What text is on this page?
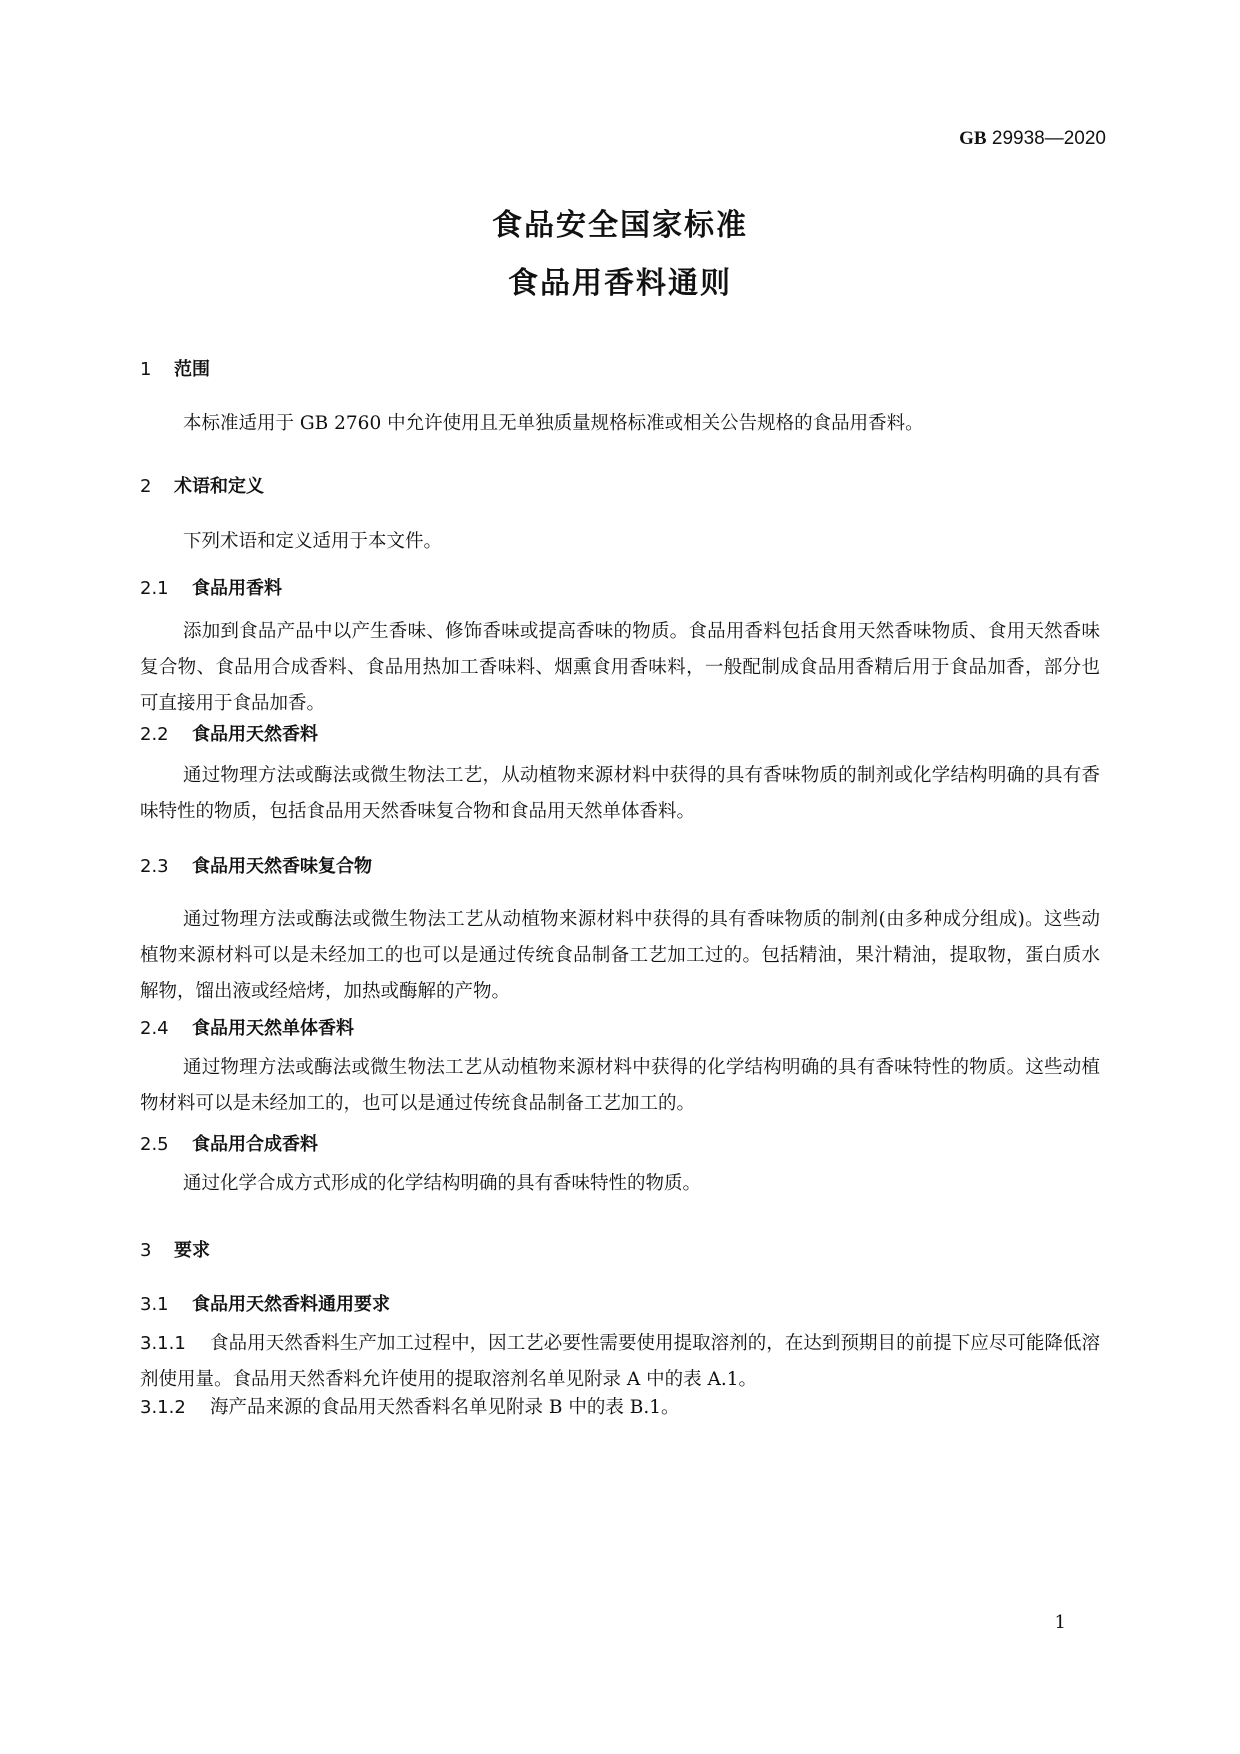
GB 29938—2020
食品安全国家标准
食品用香料通则
1 范围
本标准适用于 GB 2760 中允许使用且无单独质量规格标准或相关公告规格的食品用香料。
2 术语和定义
下列术语和定义适用于本文件。
2.1 食品用香料
添加到食品产品中以产生香味、修饰香味或提高香味的物质。食品用香料包括食用天然香味物质、食用天然香味复合物、食品用合成香料、食品用热加工香味料、烟熏食用香味料，一般配制成食品用香精后用于食品加香，部分也可直接用于食品加香。
2.2 食品用天然香料
通过物理方法或酶法或微生物法工艺，从动植物来源材料中获得的具有香味物质的制剂或化学结构明确的具有香味特性的物质，包括食品用天然香味复合物和食品用天然单体香料。
2.3 食品用天然香味复合物
通过物理方法或酶法或微生物法工艺从动植物来源材料中获得的具有香味物质的制剂(由多种成分组成)。这些动植物来源材料可以是未经加工的也可以是通过传统食品制备工艺加工过的。包括精油，果汁精油，提取物，蛋白质水解物，馏出液或经焙烤，加热或酶解的产物。
2.4 食品用天然单体香料
通过物理方法或酶法或微生物法工艺从动植物来源材料中获得的化学结构明确的具有香味特性的物质。这些动植物材料可以是未经加工的，也可以是通过传统食品制备工艺加工的。
2.5 食品用合成香料
通过化学合成方式形成的化学结构明确的具有香味特性的物质。
3 要求
3.1 食品用天然香料通用要求
3.1.1 食品用天然香料生产加工过程中，因工艺必要性需要使用提取溶剂的，在达到预期目的前提下应尽可能降低溶剂使用量。食品用天然香料允许使用的提取溶剂名单见附录 A 中的表 A.1。
3.1.2 海产品来源的食品用天然香料名单见附录 B 中的表 B.1。
1
